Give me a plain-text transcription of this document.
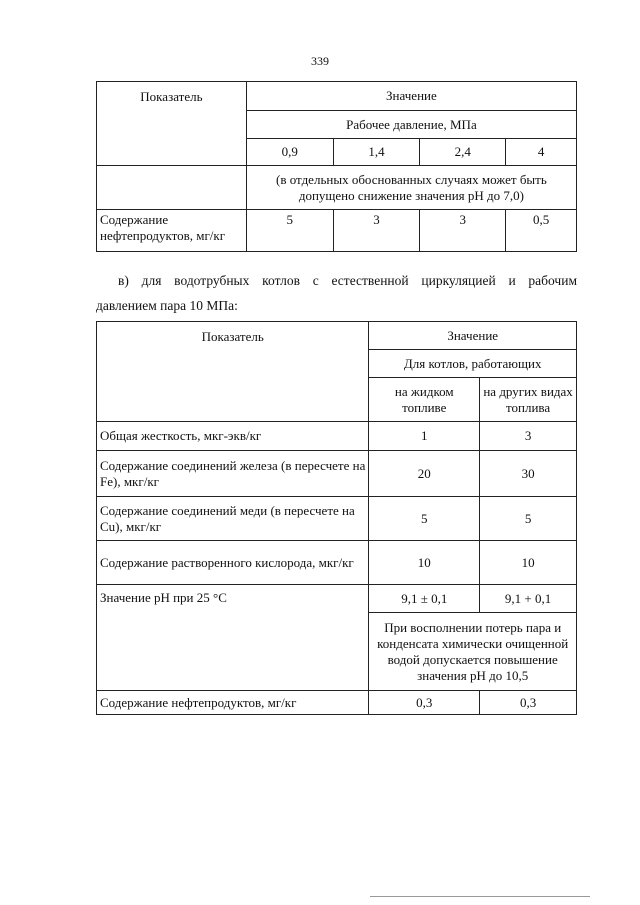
339
Показатель	Значение			
	Рабочее давление, МПа			
	0,9	1,4	2,4	4
	(в отдельных обоснованных случаях может быть допущено снижение значения pH до 7,0)			
Содержание нефтепродуктов, мг/кг	5	3	3	0,5
в) для водотрубных котлов с естественной циркуляцией и рабочим
давлением пара 10 МПа:
Показатель	Значение	
	Для котлов, работающих	
	на жидком топливе	на других видах топлива
Общая жесткость, мкг-экв/кг	1	3
Содержание соединений железа (в пересчете на Fe), мкг/кг	20	30
Содержание соединений меди (в пересчете на Cu), мкг/кг	5	5
Содержание растворенного кислорода, мкг/кг	10	10
Значение pH при 25 °C	9,1 ± 0,1	9,1 + 0,1
	При восполнении потерь пара и конденсата химически очищенной водой допускается повышение значения pH до 10,5	
Содержание нефтепродуктов, мг/кг	0,3	0,3
